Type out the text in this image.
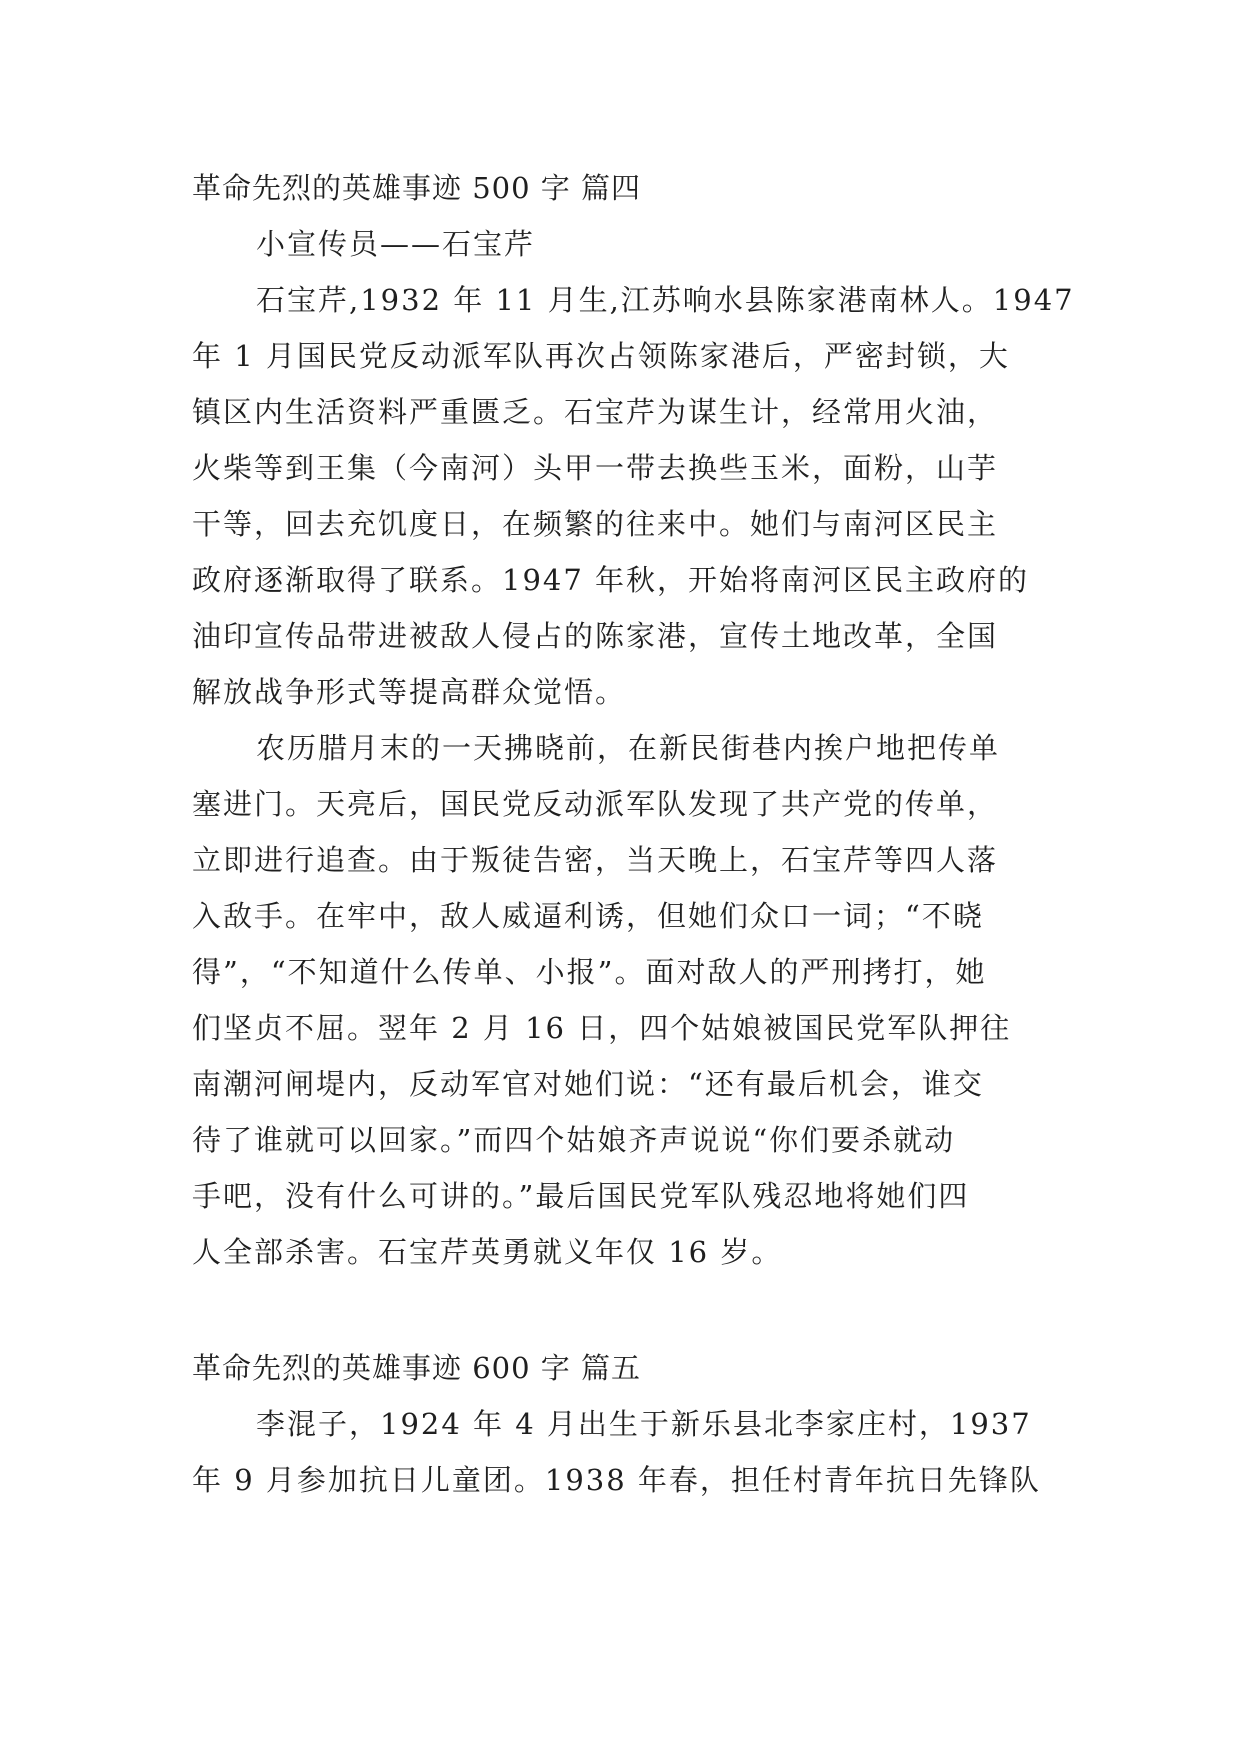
革命先烈的英雄事迹 500 字 篇四

小宣传员——石宝芹

石宝芹,1932 年 11 月生,江苏响水县陈家港南林人。1947

年 1 月国民党反动派军队再次占领陈家港后，严密封锁，大

镇区内生活资料严重匮乏。石宝芹为谋生计，经常用火油，

火柴等到王集（今南河）头甲一带去换些玉米，面粉，山芋

干等，回去充饥度日，在频繁的往来中。她们与南河区民主

政府逐渐取得了联系。1947 年秋，开始将南河区民主政府的

油印宣传品带进被敌人侵占的陈家港，宣传土地改革，全国

解放战争形式等提高群众觉悟。

农历腊月末的一天拂晓前，在新民街巷内挨户地把传单

塞进门。天亮后，国民党反动派军队发现了共产党的传单，

立即进行追查。由于叛徒告密，当天晚上，石宝芹等四人落

入敌手。在牢中，敌人威逼利诱，但她们众口一词；“不晓

得”，“不知道什么传单、小报”。面对敌人的严刑拷打，她

们坚贞不屈。翌年 2 月 16 日，四个姑娘被国民党军队押往

南潮河闸堤内，反动军官对她们说：“还有最后机会，谁交

待了谁就可以回家。”而四个姑娘齐声说说“你们要杀就动

手吧，没有什么可讲的。”最后国民党军队残忍地将她们四

人全部杀害。石宝芹英勇就义年仅 16 岁。

革命先烈的英雄事迹 600 字 篇五

李混子，1924 年 4 月出生于新乐县北李家庄村，1937

年 9 月参加抗日儿童团。1938 年春，担任村青年抗日先锋队
